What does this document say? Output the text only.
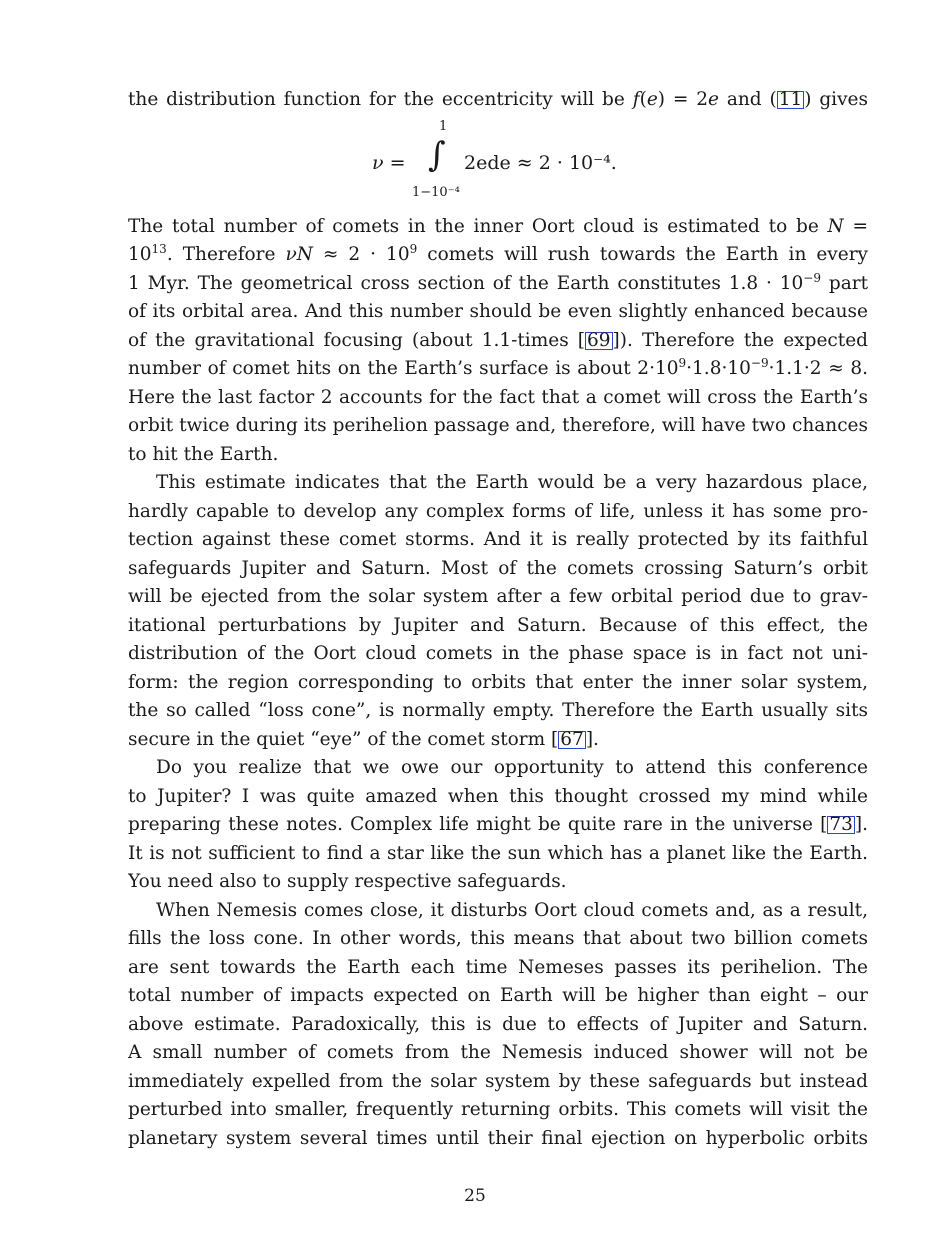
the distribution function for the eccentricity will be f(e) = 2e and ( 11 ) gives
ν =
1
∫
1−10⁻⁴
2ede ≈ 2 · 10⁻⁴.
The total number of comets in the inner Oort cloud is estimated to be N =
$10^{13}$. Therefore $\nu N \approx 2 \cdot 10^9$ comets will rush towards the Earth in every
1 Myr. The geometrical cross section of the Earth constitutes $1.8 \cdot 10^{-9}$ part
of its orbital area. And this number should be even slightly enhanced because
of the gravitational focusing (about 1.1-times [ 69 ]). Therefore the expected
number of comet hits on the Earth’s surface is about $2\cdot 10^9\cdot 1.8\cdot 10^{-9}\cdot 1.1\cdot 2 \approx 8$.
Here the last factor 2 accounts for the fact that a comet will cross the Earth’s
orbit twice during its perihelion passage and, therefore, will have two chances
to hit the Earth.
This estimate indicates that the Earth would be a very hazardous place,
hardly capable to develop any complex forms of life, unless it has some pro-
tection against these comet storms. And it is really protected by its faithful
safeguards Jupiter and Saturn. Most of the comets crossing Saturn’s orbit
will be ejected from the solar system after a few orbital period due to grav-
itational perturbations by Jupiter and Saturn. Because of this effect, the
distribution of the Oort cloud comets in the phase space is in fact not uni-
form: the region corresponding to orbits that enter the inner solar system,
the so called “loss cone”, is normally empty. Therefore the Earth usually sits
secure in the quiet “eye” of the comet storm [ 67 ].
Do you realize that we owe our opportunity to attend this conference
to Jupiter? I was quite amazed when this thought crossed my mind while
preparing these notes. Complex life might be quite rare in the universe [ 73 ].
It is not sufficient to find a star like the sun which has a planet like the Earth.
You need also to supply respective safeguards.
When Nemesis comes close, it disturbs Oort cloud comets and, as a result,
fills the loss cone. In other words, this means that about two billion comets
are sent towards the Earth each time Nemeses passes its perihelion. The
total number of impacts expected on Earth will be higher than eight – our
above estimate. Paradoxically, this is due to effects of Jupiter and Saturn.
A small number of comets from the Nemesis induced shower will not be
immediately expelled from the solar system by these safeguards but instead
perturbed into smaller, frequently returning orbits. This comets will visit the
planetary system several times until their final ejection on hyperbolic orbits
25
